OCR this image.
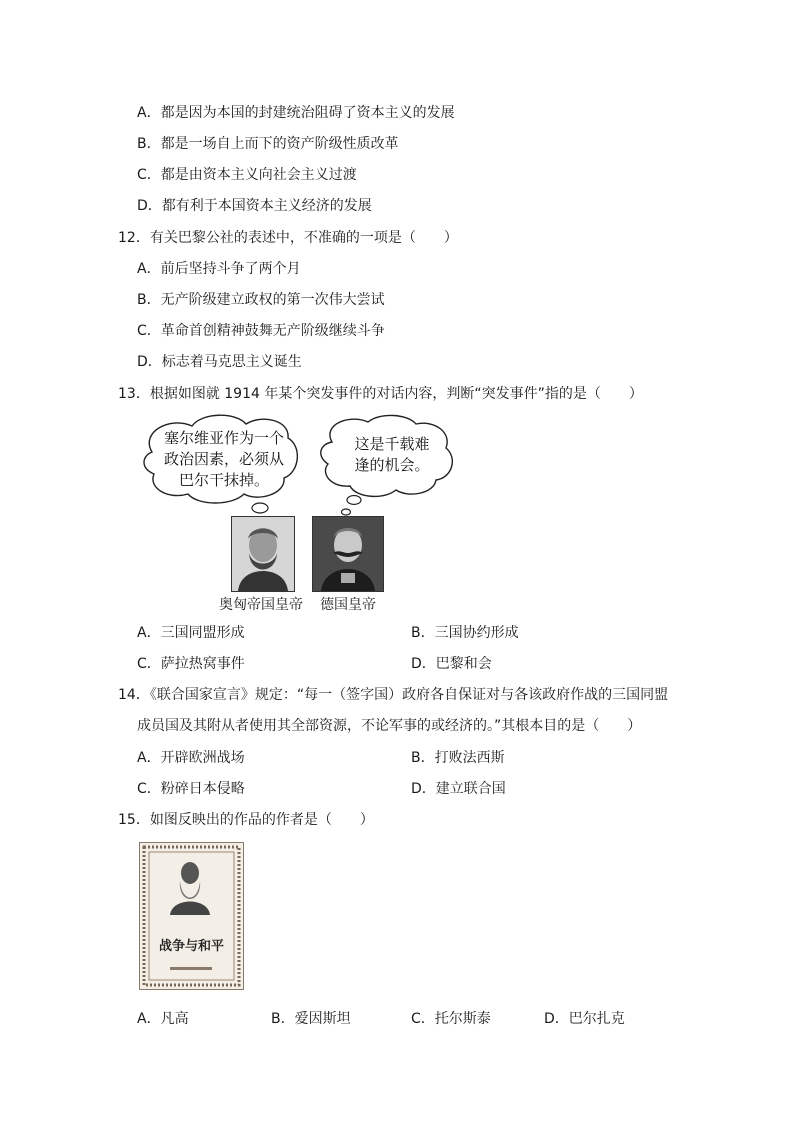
A．都是因为本国的封建统治阻碍了资本主义的发展
B．都是一场自上而下的资产阶级性质改革
C．都是由资本主义向社会主义过渡
D．都有利于本国资本主义经济的发展
12．有关巴黎公社的表述中，不准确的一项是（　　）
A．前后坚持斗争了两个月
B．无产阶级建立政权的第一次伟大尝试
C．革命首创精神鼓舞无产阶级继续斗争
D．标志着马克思主义诞生
13．根据如图就 1914 年某个突发事件的对话内容，判断“突发事件”指的是（　　）
塞尔维亚作为一个
政治因素，必须从
巴尔干抹掉。
这是千载难
逢的机会。
奥匈帝国皇帝 德国皇帝
A．三国同盟形成	B．三国协约形成
C．萨拉热窝事件	D．巴黎和会
14．《联合国家宣言》规定：“每一（签字国）政府各自保证对与各该政府作战的三国同盟
成员国及其附从者使用其全部资源，不论军事的或经济的。”其根本目的是（　　）
A．开辟欧洲战场	B．打败法西斯
C．粉碎日本侵略	D．建立联合国
15．如图反映出的作品的作者是（　　）
战争与和平
A．凡高	B．爱因斯坦	C．托尔斯泰	D．巴尔扎克
